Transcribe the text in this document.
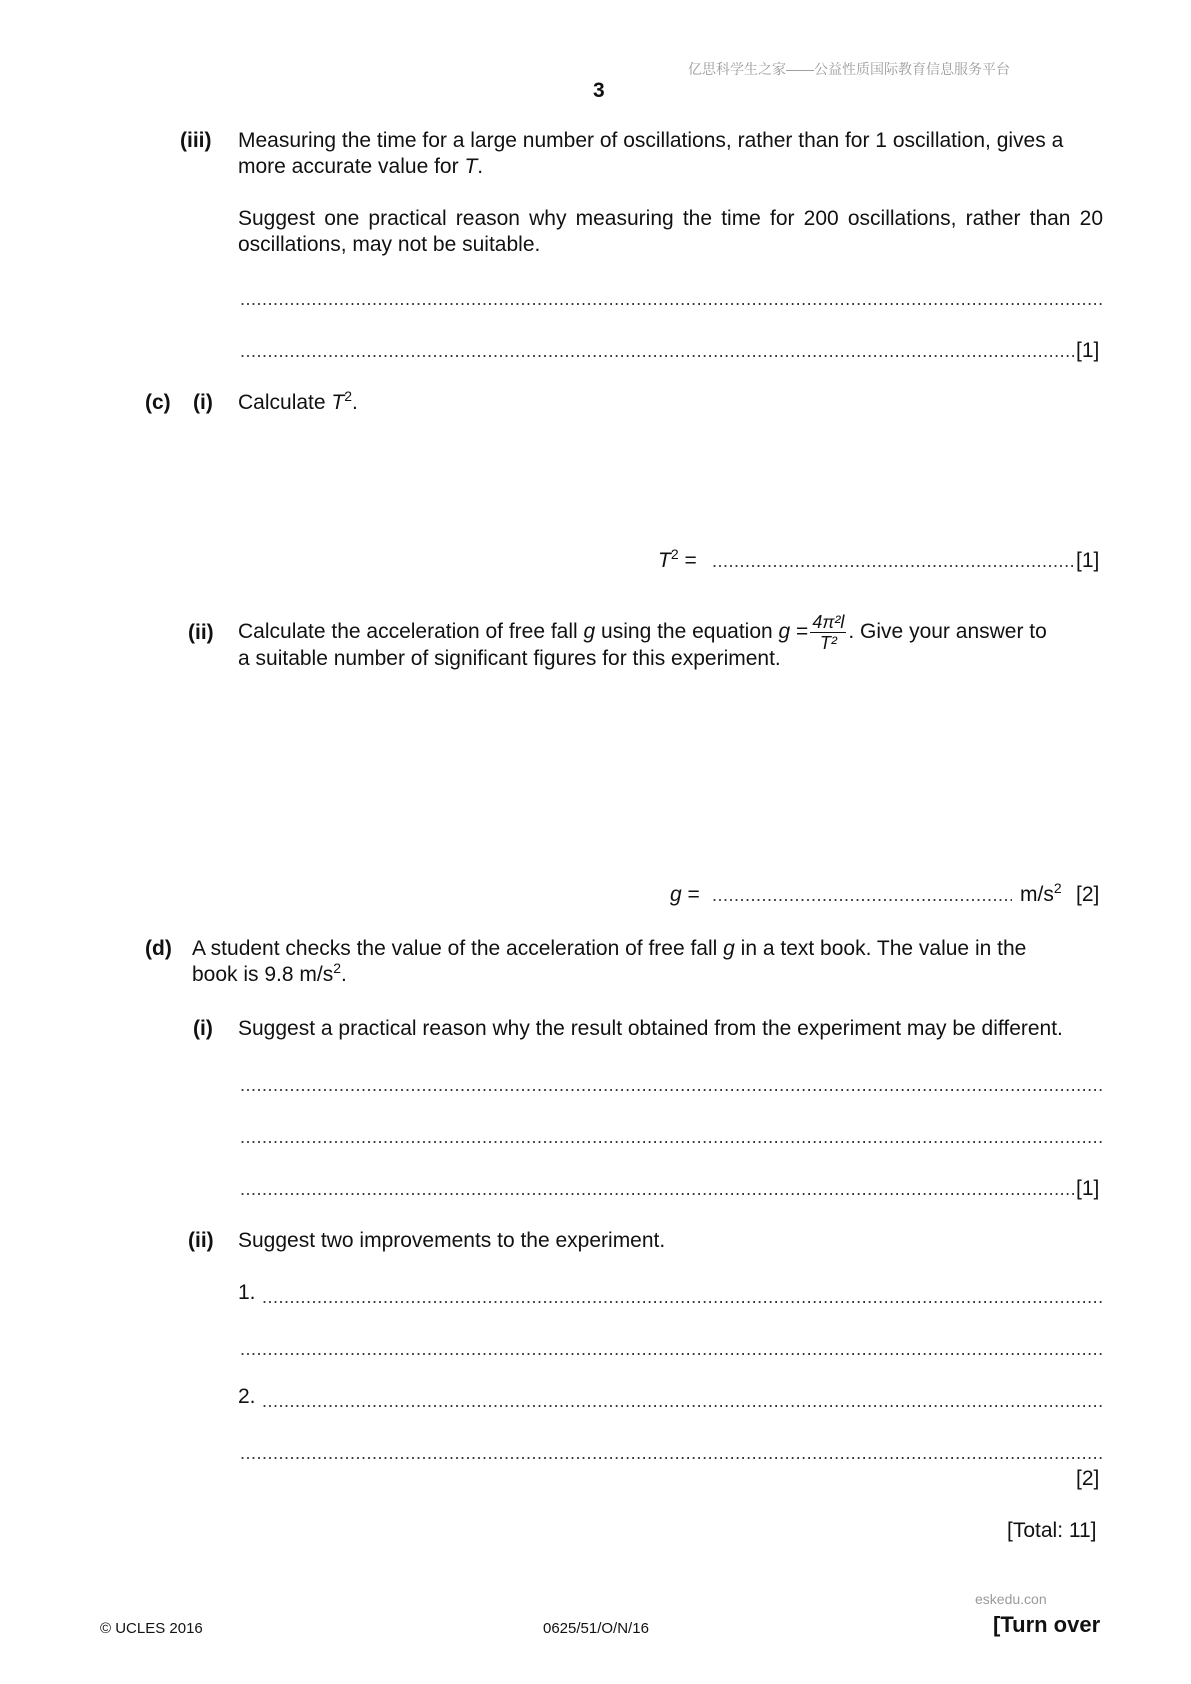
亿思科学生之家——公益性质国际教育信息服务平台
3
(iii) Measuring the time for a large number of oscillations, rather than for 1 oscillation, gives a
more accurate value for T.
Suggest one practical reason why measuring the time for 200 oscillations, rather than 20 oscillations, may not be suitable.
.....
.....
[1]
(c) (i) Calculate $T^2$.
$T^2$ = .....	[1]
(ii) Calculate the acceleration of free fall g using the equation $g = \frac{\text{4π²l}}{\text{T²}}$ . Give your answer to
a suitable number of significant figures for this experiment.
g = .....	$m/s^2$ [2]
(d) A student checks the value of the acceleration of free fall g in a text book. The value in the
book is 9.8 $m/s^2$.
(i) Suggest a practical reason why the result obtained from the experiment may be different.
.....
.....
.....
[1]
(ii) Suggest two improvements to the experiment.
1.
.....
.....
2.
.....
.....
[2]
[Total: 11]
eskedu.con
© UCLES 2016	0625/51/O/N/16	[Turn over
